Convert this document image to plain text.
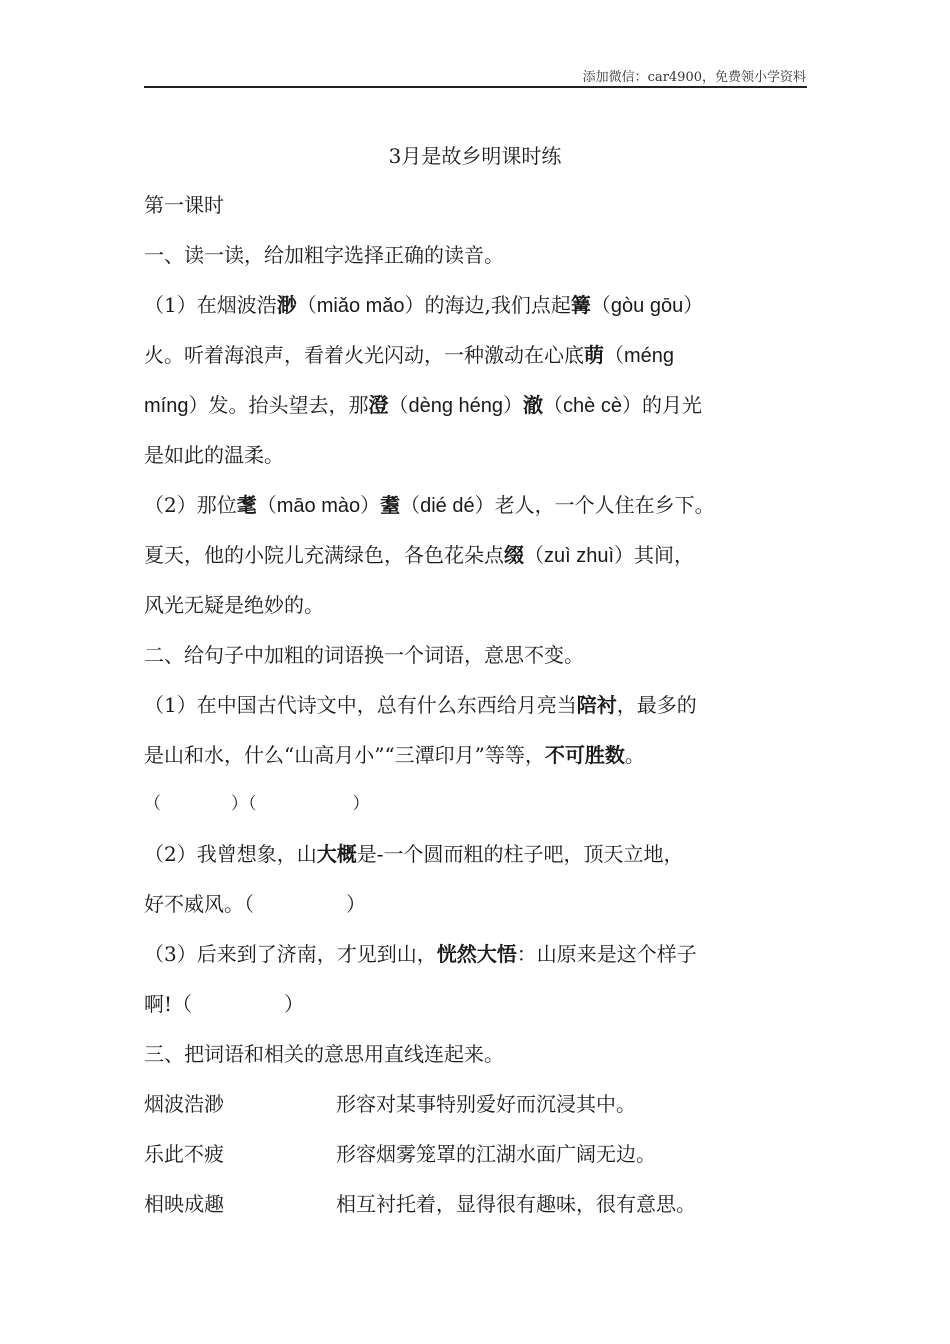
添加微信：car4900，免费领小学资料
3月是故乡明课时练
第一课时
一、读一读，给加粗字选择正确的读音。
（1）在烟波浩渺（miǎo mǎo）的海边,我们点起篝（gòu gōu）
火。听着海浪声，看着火光闪动，一种激动在心底萌（méng
míng）发。抬头望去，那澄（dèng héng）澈（chè cè）的月光
是如此的温柔。
（2）那位耄（māo mào）耋（dié dé）老人，一个人住在乡下。
夏天，他的小院儿充满绿色，各色花朵点缀（zuì zhuì）其间，
风光无疑是绝妙的。
二、给句子中加粗的词语换一个词语，意思不变。
（1）在中国古代诗文中，总有什么东西给月亮当陪衬，最多的
是山和水，什么“山高月小”“三潭印月”等等，不可胜数。
（	）（	）
（2）我曾想象，山大概是-一个圆而粗的柱子吧，顶天立地，
好不威风。（	）
（3）后来到了济南，才见到山，恍然大悟：山原来是这个样子
啊!（	）
三、把词语和相关的意思用直线连起来。
烟波浩渺	形容对某事特别爱好而沉浸其中。
乐此不疲	形容烟雾笼罩的江湖水面广阔无边。
相映成趣	相互衬托着，显得很有趣味，很有意思。
